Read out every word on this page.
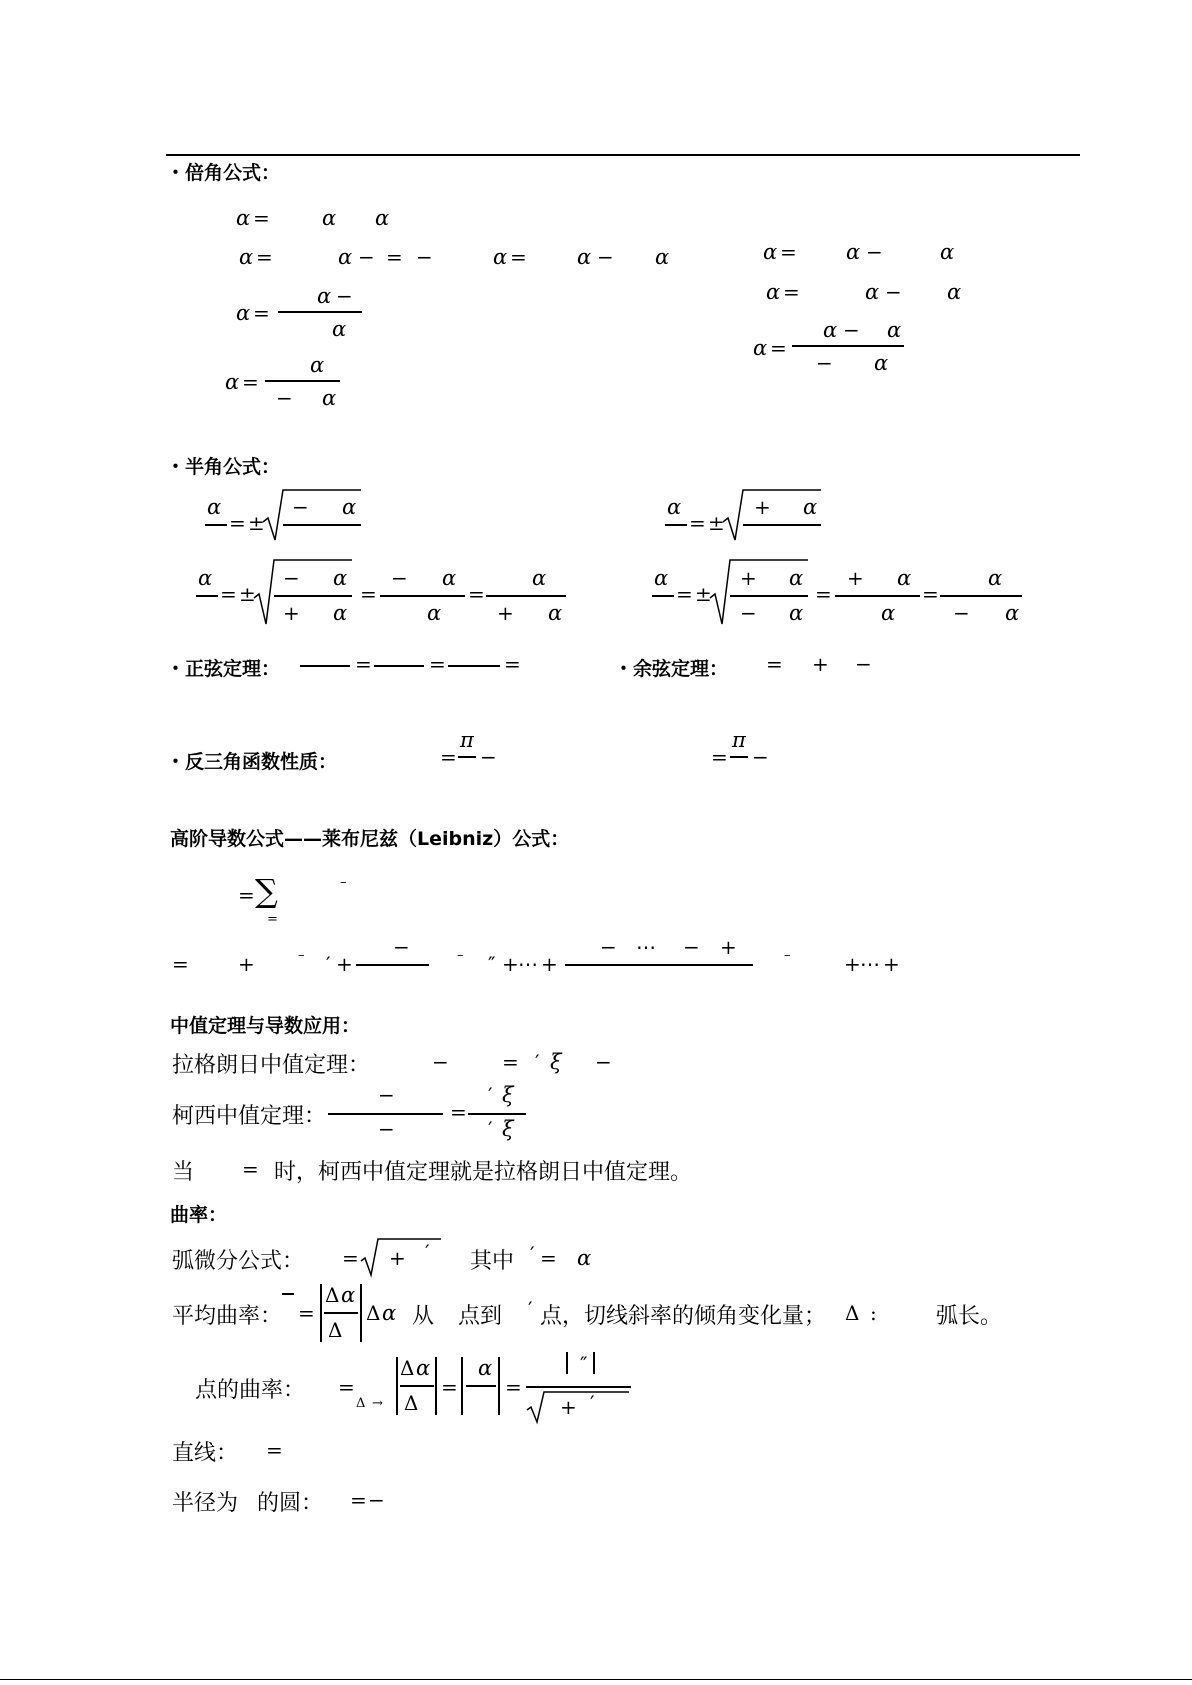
・倍角公式：
α = α α
α =	α − = −	α = α − α	α = α −	α
α =	α − α
α =
α −
α
α =
α
− α
α =
α − α
− α
・半角公式：
α
= ±
− α	α
= ±
+ α
α
= ±
− α
+ α
=
− α
α
=
α
+ α
α
= ±
+ α
− α
=
+ α
α
=
α
− α
・正弦定理：	=	=	=	・余弦定理： = + −
・反三角函数性质：	=
π
−	=
π
−
高阶导数公式——莱布尼兹（Leibniz）公式：
= ∑
=
–
= +	– ′ +
−	– ″ + ⋯ +
− ⋯ − +	–	+ ⋯ +
中值定理与导数应用：
拉格朗日中值定理：	−	= ′ ξ −
柯西中值定理：
−
−
=
′ ξ
′ ξ
当 = 时，柯西中值定理就是拉格朗日中值定理。
曲率：
弧微分公式： = + ′ 其中 ′ = α
平均曲率： =
Δ α
Δ
Δ α 从 点到 ′ 点，切线斜率的倾角变化量； Δ :	弧长。
点的曲率： =
Δ →
Δ α
Δ
=
α
=
″
+ ′
直线： =
半径为 的圆： = −
